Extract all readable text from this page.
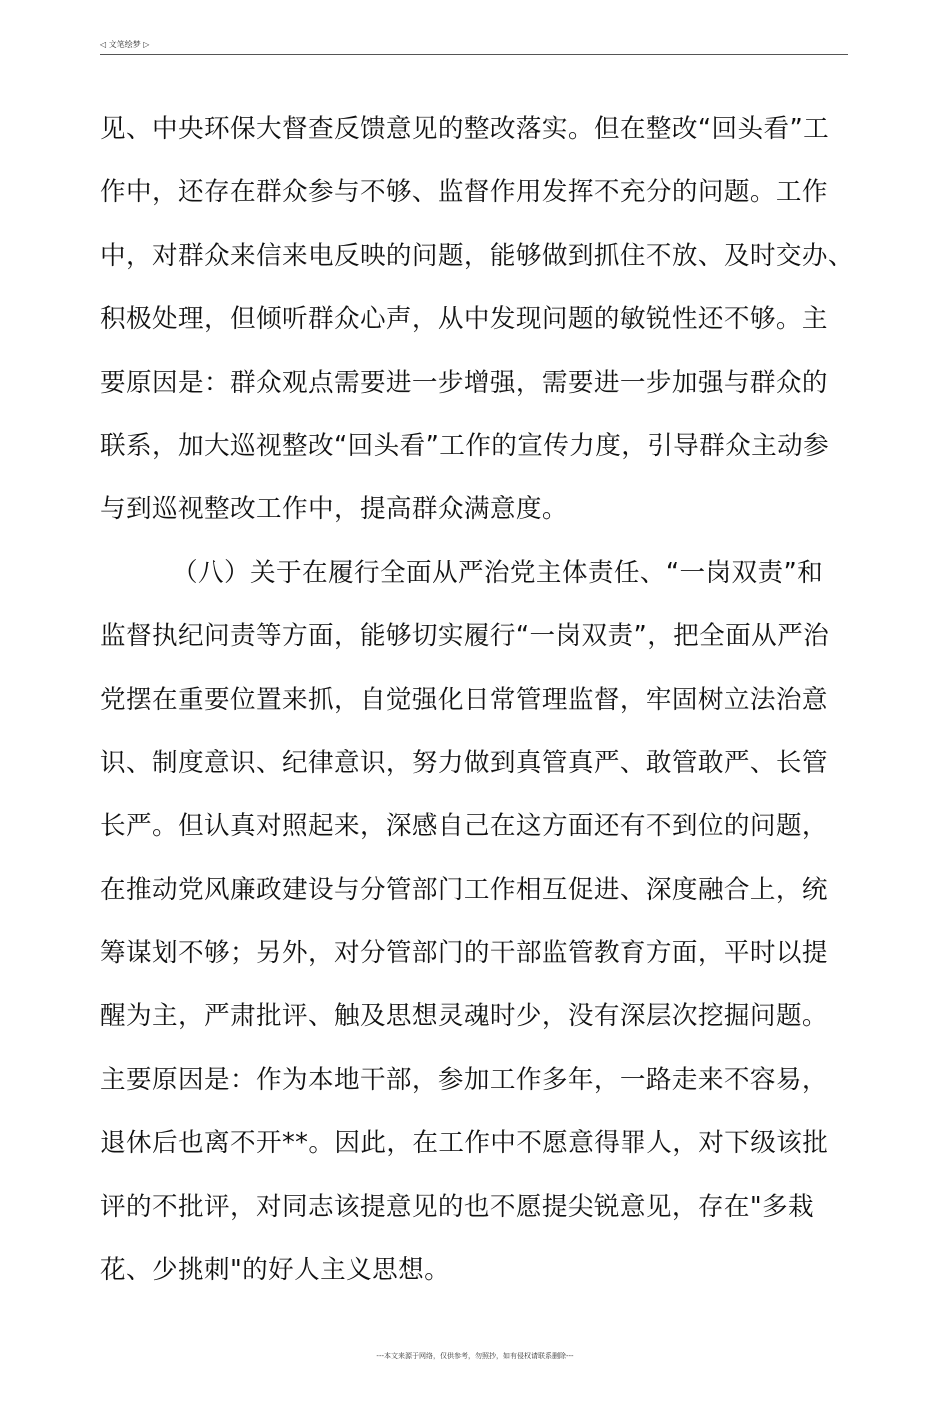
◁ 文笔绘梦 ▷
见、中央环保大督查反馈意见的整改落实。但在整改“回头看”工
作中，还存在群众参与不够、监督作用发挥不充分的问题。工作
中，对群众来信来电反映的问题，能够做到抓住不放、及时交办、
积极处理，但倾听群众心声，从中发现问题的敏锐性还不够。主
要原因是：群众观点需要进一步增强，需要进一步加强与群众的
联系，加大巡视整改“回头看”工作的宣传力度，引导群众主动参
与到巡视整改工作中，提高群众满意度。
（八）关于在履行全面从严治党主体责任、“一岗双责”和
监督执纪问责等方面，能够切实履行“一岗双责”，把全面从严治
党摆在重要位置来抓，自觉强化日常管理监督，牢固树立法治意
识、制度意识、纪律意识，努力做到真管真严、敢管敢严、长管
长严。但认真对照起来，深感自己在这方面还有不到位的问题，
在推动党风廉政建设与分管部门工作相互促进、深度融合上，统
筹谋划不够；另外，对分管部门的干部监管教育方面，平时以提
醒为主，严肃批评、触及思想灵魂时少，没有深层次挖掘问题。
主要原因是：作为本地干部，参加工作多年，一路走来不容易，
退休后也离不开**。因此，在工作中不愿意得罪人，对下级该批
评的不批评，对同志该提意见的也不愿提尖锐意见，存在"多栽
花、少挑刺"的好人主义思想。
---本文来源于网络，仅供参考，勿照抄，如有侵权请联系删除---
